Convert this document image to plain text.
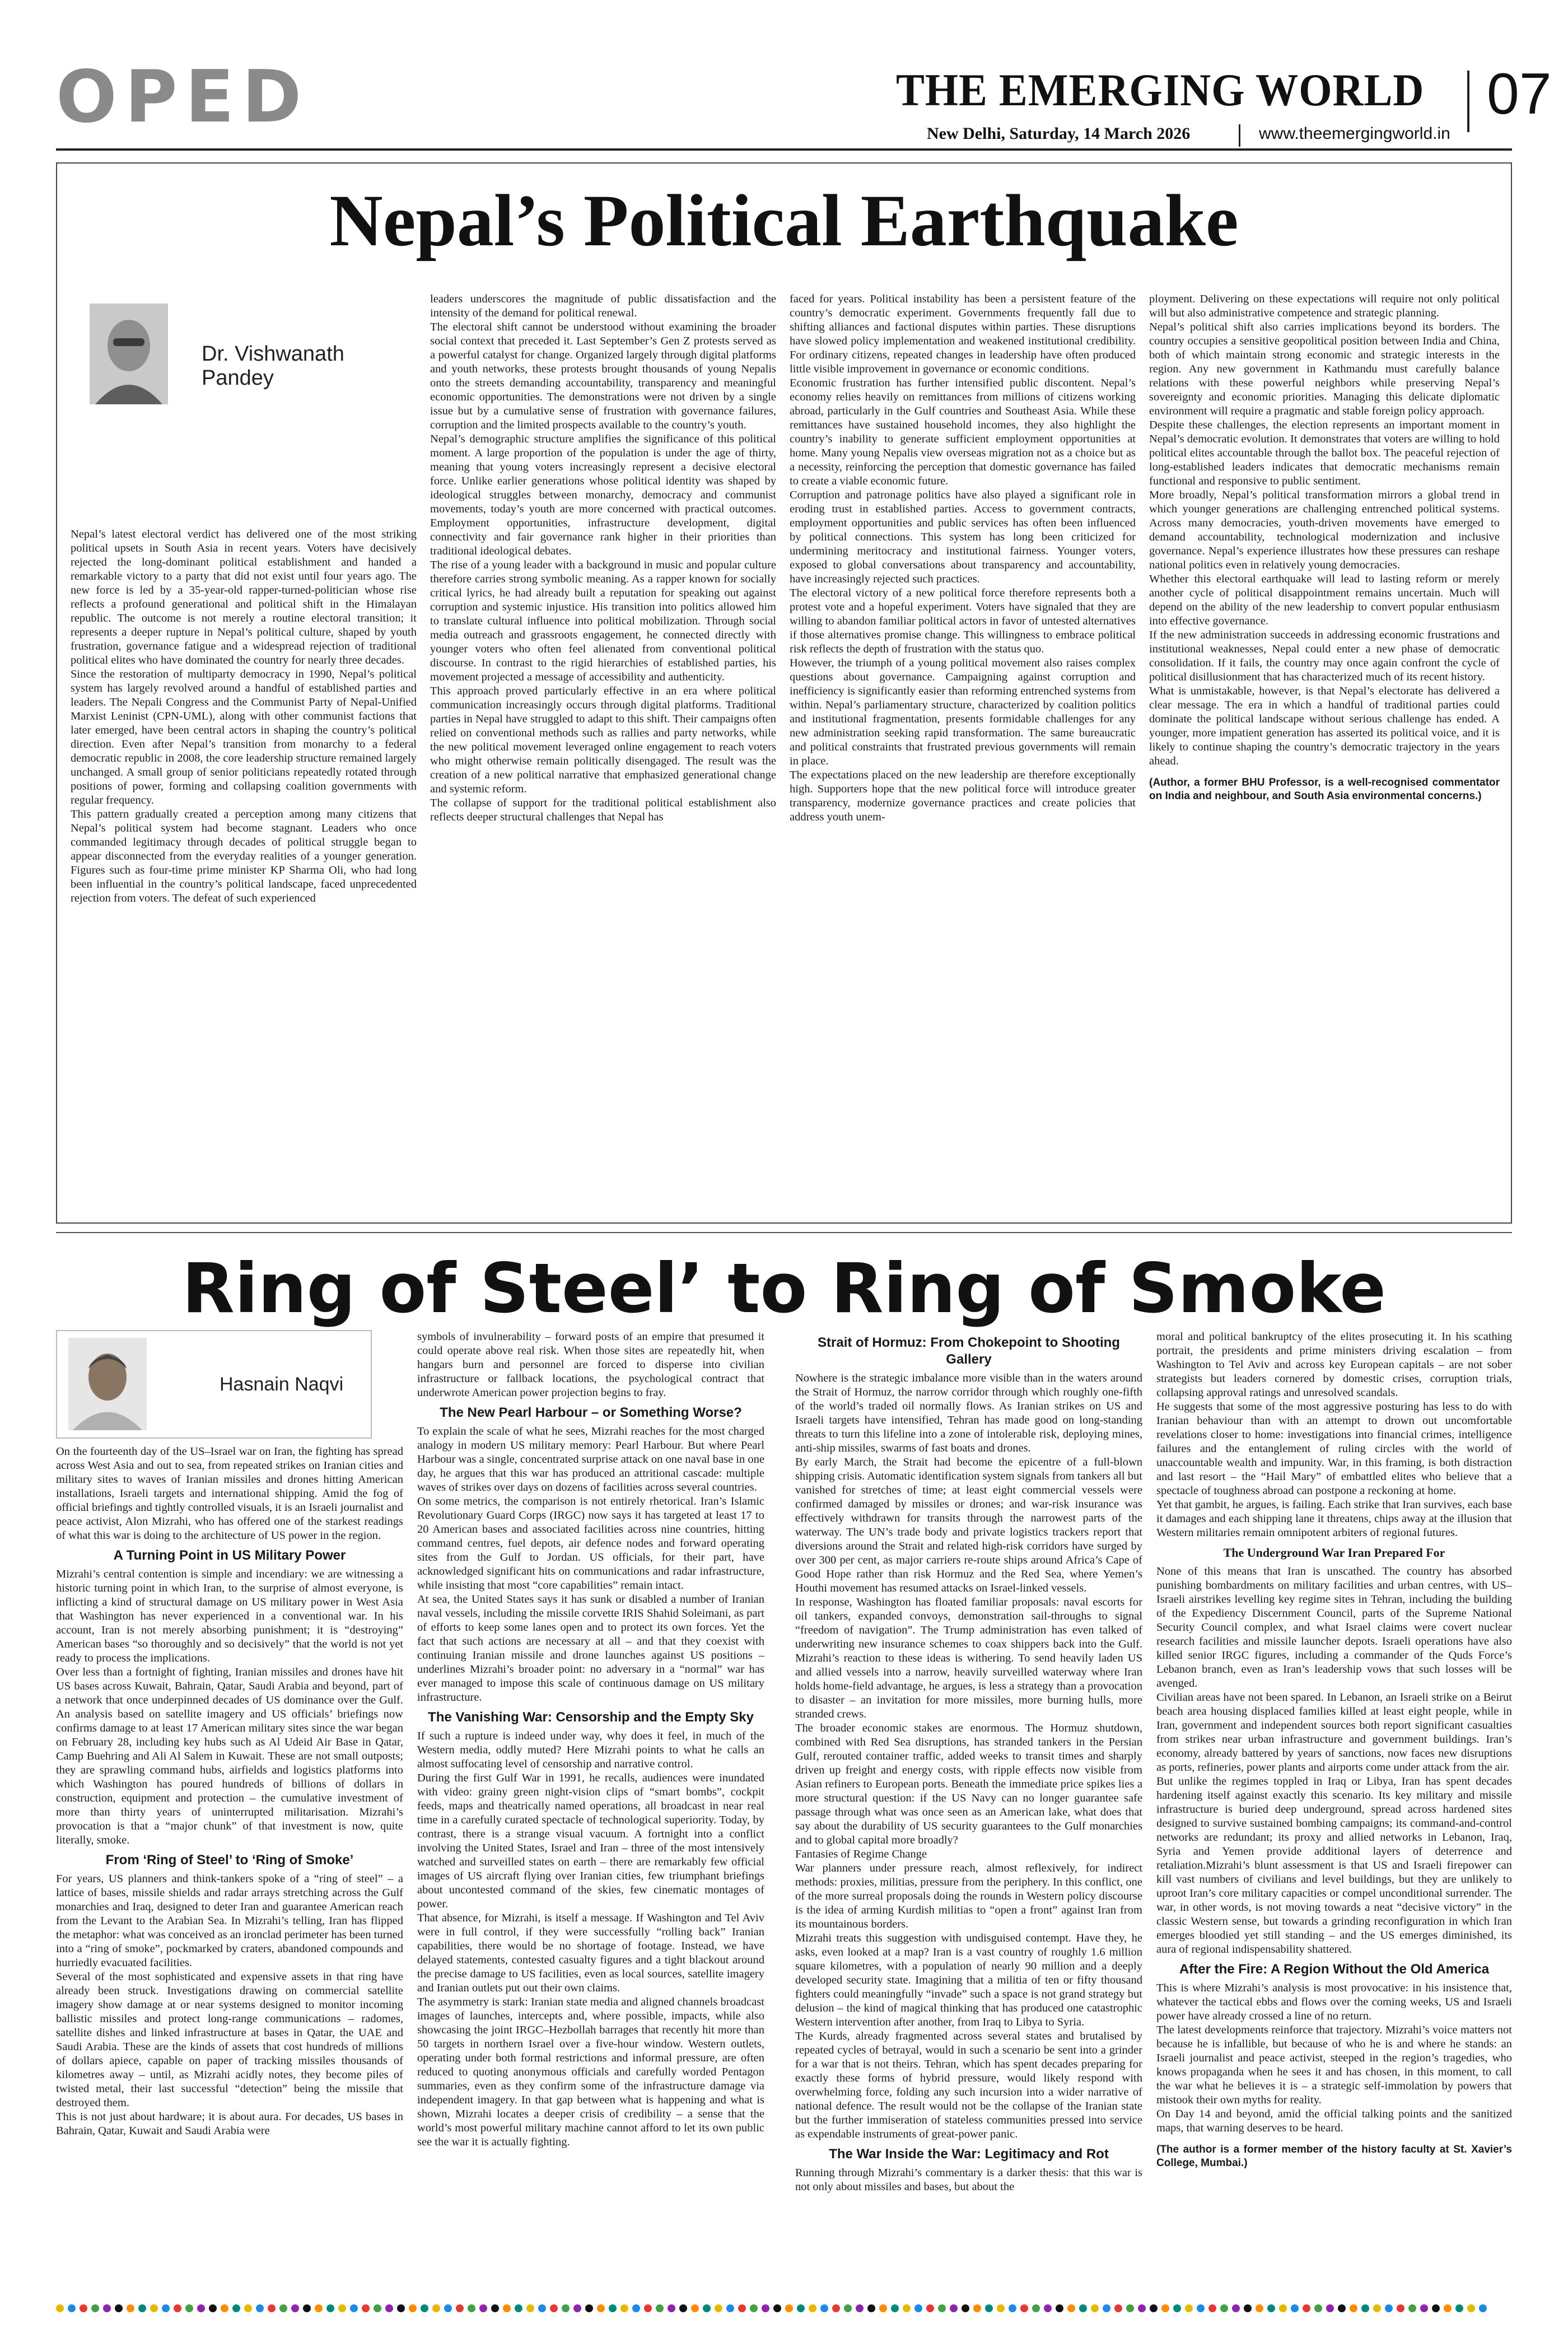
OPED	THE EMERGING WORLD 07
New Delhi, Saturday, 14 March 2026	www.theemergingworld.in
Nepal’s Political Earthquake
Dr. Vishwanath Pandey

Nepal’s latest electoral verdict has delivered one of the most striking political upsets in South Asia in recent years. Voters have decisively rejected the long-dominant political establishment and handed a remarkable victory to a party that did not exist until four years ago. The new force is led by a 35-year-old rapper-turned-politician whose rise reflects a profound generational and political shift in the Himalayan republic. The outcome is not merely a routine electoral transition; it represents a deeper rupture in Nepal’s political culture, shaped by youth frustration, governance fatigue and a widespread rejection of traditional political elites who have dominated the country for nearly three decades.

Since the restoration of multiparty democracy in 1990, Nepal’s political system has largely revolved around a handful of established parties and leaders. The Nepali Congress and the Communist Party of Nepal-Unified Marxist Leninist (CPN-UML), along with other communist factions that later emerged, have been central actors in shaping the country’s political direction. Even after Nepal’s transition from monarchy to a federal democratic republic in 2008, the core leadership structure remained largely unchanged. A small group of senior politicians repeatedly rotated through positions of power, forming and collapsing coalition governments with regular frequency.

This pattern gradually created a perception among many citizens that Nepal’s political system had become stagnant. Leaders who once commanded legitimacy through decades of political struggle began to appear disconnected from the everyday realities of a younger generation. Figures such as four-time prime minister KP Sharma Oli, who had long been influential in the country’s political landscape, faced unprecedented rejection from voters. The defeat of such experienced

leaders underscores the magnitude of public dissatisfaction and the intensity of the demand for political renewal.

The electoral shift cannot be understood without examining the broader social context that preceded it. Last September’s Gen Z protests served as a powerful catalyst for change. Organized largely through digital platforms and youth networks, these protests brought thousands of young Nepalis onto the streets demanding accountability, transparency and meaningful economic opportunities. The demonstrations were not driven by a single issue but by a cumulative sense of frustration with governance failures, corruption and the limited prospects available to the country’s youth.

Nepal’s demographic structure amplifies the significance of this political moment. A large proportion of the population is under the age of thirty, meaning that young voters increasingly represent a decisive electoral force. Unlike earlier generations whose political identity was shaped by ideological struggles between monarchy, democracy and communist movements, today’s youth are more concerned with practical outcomes. Employment opportunities, infrastructure development, digital connectivity and fair governance rank higher in their priorities than traditional ideological debates.

The rise of a young leader with a background in music and popular culture therefore carries strong symbolic meaning. As a rapper known for socially critical lyrics, he had already built a reputation for speaking out against corruption and systemic injustice. His transition into politics allowed him to translate cultural influence into political mobilization. Through social media outreach and grassroots engagement, he connected directly with younger voters who often feel alienated from conventional political discourse. In contrast to the rigid hierarchies of established parties, his movement projected a message of accessibility and authenticity.

This approach proved particularly effective in an era where political communication increasingly occurs through digital platforms. Traditional parties in Nepal have struggled to adapt to this shift. Their campaigns often relied on conventional methods such as rallies and party networks, while the new political movement leveraged online engagement to reach voters who might otherwise remain politically disengaged. The result was the creation of a new political narrative that emphasized generational change and systemic reform.

The collapse of support for the traditional political establishment also reflects deeper structural challenges that Nepal has

faced for years. Political instability has been a persistent feature of the country’s democratic experiment. Governments frequently fall due to shifting alliances and factional disputes within parties. These disruptions have slowed policy implementation and weakened institutional credibility. For ordinary citizens, repeated changes in leadership have often produced little visible improvement in governance or economic conditions.

Economic frustration has further intensified public discontent. Nepal’s economy relies heavily on remittances from millions of citizens working abroad, particularly in the Gulf countries and Southeast Asia. While these remittances have sustained household incomes, they also highlight the country’s inability to generate sufficient employment opportunities at home. Many young Nepalis view overseas migration not as a choice but as a necessity, reinforcing the perception that domestic governance has failed to create a viable economic future.

Corruption and patronage politics have also played a significant role in eroding trust in established parties. Access to government contracts, employment opportunities and public services has often been influenced by political connections. This system has long been criticized for undermining meritocracy and institutional fairness. Younger voters, exposed to global conversations about transparency and accountability, have increasingly rejected such practices.

The electoral victory of a new political force therefore represents both a protest vote and a hopeful experiment. Voters have signaled that they are willing to abandon familiar political actors in favor of untested alternatives if those alternatives promise change. This willingness to embrace political risk reflects the depth of frustration with the status quo.

However, the triumph of a young political movement also raises complex questions about governance. Campaigning against corruption and inefficiency is significantly easier than reforming entrenched systems from within. Nepal’s parliamentary structure, characterized by coalition politics and institutional fragmentation, presents formidable challenges for any new administration seeking rapid transformation. The same bureaucratic and political constraints that frustrated previous governments will remain in place.

The expectations placed on the new leadership are therefore exceptionally high. Supporters hope that the new political force will introduce greater transparency, modernize governance practices and create policies that address youth unem-

ployment. Delivering on these expectations will require not only political will but also administrative competence and strategic planning.

Nepal’s political shift also carries implications beyond its borders. The country occupies a sensitive geopolitical position between India and China, both of which maintain strong economic and strategic interests in the region. Any new government in Kathmandu must carefully balance relations with these powerful neighbors while preserving Nepal’s sovereignty and economic priorities. Managing this delicate diplomatic environment will require a pragmatic and stable foreign policy approach.

Despite these challenges, the election represents an important moment in Nepal’s democratic evolution. It demonstrates that voters are willing to hold political elites accountable through the ballot box. The peaceful rejection of long-established leaders indicates that democratic mechanisms remain functional and responsive to public sentiment.

More broadly, Nepal’s political transformation mirrors a global trend in which younger generations are challenging entrenched political systems. Across many democracies, youth-driven movements have emerged to demand accountability, technological modernization and inclusive governance. Nepal’s experience illustrates how these pressures can reshape national politics even in relatively young democracies.

Whether this electoral earthquake will lead to lasting reform or merely another cycle of political disappointment remains uncertain. Much will depend on the ability of the new leadership to convert popular enthusiasm into effective governance.

If the new administration succeeds in addressing economic frustrations and institutional weaknesses, Nepal could enter a new phase of democratic consolidation. If it fails, the country may once again confront the cycle of political disillusionment that has characterized much of its recent history.

What is unmistakable, however, is that Nepal’s electorate has delivered a clear message. The era in which a handful of traditional parties could dominate the political landscape without serious challenge has ended. A younger, more impatient generation has asserted its political voice, and it is likely to continue shaping the country’s democratic trajectory in the years ahead.

(Author, a former BHU Professor, is a well-recognised commentator on India and neighbour, and South Asia environmental concerns.)

Ring of Steel’ to Ring of Smoke
Hasnain Naqvi

On the fourteenth day of the US–Israel war on Iran, the fighting has spread across West Asia and out to sea, from repeated strikes on Iranian cities and military sites to waves of Iranian missiles and drones hitting American installations, Israeli targets and international shipping. Amid the fog of official briefings and tightly controlled visuals, it is an Israeli journalist and peace activist, Alon Mizrahi, who has offered one of the starkest readings of what this war is doing to the architecture of US power in the region.

A Turning Point in US Military Power

Mizrahi’s central contention is simple and incendiary: we are witnessing a historic turning point in which Iran, to the surprise of almost everyone, is inflicting a kind of structural damage on US military power in West Asia that Washington has never experienced in a conventional war. In his account, Iran is not merely absorbing punishment; it is “destroying” American bases “so thoroughly and so decisively” that the world is not yet ready to process the implications.

Over less than a fortnight of fighting, Iranian missiles and drones have hit US bases across Kuwait, Bahrain, Qatar, Saudi Arabia and beyond, part of a network that once underpinned decades of US dominance over the Gulf. An analysis based on satellite imagery and US officials’ briefings now confirms damage to at least 17 American military sites since the war began on February 28, including key hubs such as Al Udeid Air Base in Qatar, Camp Buehring and Ali Al Salem in Kuwait. These are not small outposts; they are sprawling command hubs, airfields and logistics platforms into which Washington has poured hundreds of billions of dollars in construction, equipment and protection – the cumulative investment of more than thirty years of uninterrupted militarisation. Mizrahi’s provocation is that a “major chunk” of that investment is now, quite literally, smoke.

From ‘Ring of Steel’ to ‘Ring of Smoke’

For years, US planners and think-tankers spoke of a “ring of steel” – a lattice of bases, missile shields and radar arrays stretching across the Gulf monarchies and Iraq, designed to deter Iran and guarantee American reach from the Levant to the Arabian Sea. In Mizrahi’s telling, Iran has flipped the metaphor: what was conceived as an ironclad perimeter has been turned into a “ring of smoke”, pockmarked by craters, abandoned compounds and hurriedly evacuated facilities.

Several of the most sophisticated and expensive assets in that ring have already been struck. Investigations drawing on commercial satellite imagery show damage at or near systems designed to monitor incoming ballistic missiles and protect long-range communications – radomes, satellite dishes and linked infrastructure at bases in Qatar, the UAE and Saudi Arabia. These are the kinds of assets that cost hundreds of millions of dollars apiece, capable on paper of tracking missiles thousands of kilometres away – until, as Mizrahi acidly notes, they become piles of twisted metal, their last successful “detection” being the missile that destroyed them.

This is not just about hardware; it is about aura. For decades, US bases in Bahrain, Qatar, Kuwait and Saudi Arabia were

symbols of invulnerability – forward posts of an empire that presumed it could operate above real risk. When those sites are repeatedly hit, when hangars burn and personnel are forced to disperse into civilian infrastructure or fallback locations, the psychological contract that underwrote American power projection begins to fray.

The New Pearl Harbour – or Something Worse?

To explain the scale of what he sees, Mizrahi reaches for the most charged analogy in modern US military memory: Pearl Harbour. But where Pearl Harbour was a single, concentrated surprise attack on one naval base in one day, he argues that this war has produced an attritional cascade: multiple waves of strikes over days on dozens of facilities across several countries.

On some metrics, the comparison is not entirely rhetorical. Iran’s Islamic Revolutionary Guard Corps (IRGC) now says it has targeted at least 17 to 20 American bases and associated facilities across nine countries, hitting command centres, fuel depots, air defence nodes and forward operating sites from the Gulf to Jordan. US officials, for their part, have acknowledged significant hits on communications and radar infrastructure, while insisting that most “core capabilities” remain intact.

At sea, the United States says it has sunk or disabled a number of Iranian naval vessels, including the missile corvette IRIS Shahid Soleimani, as part of efforts to keep some lanes open and to protect its own forces. Yet the fact that such actions are necessary at all – and that they coexist with continuing Iranian missile and drone launches against US positions – underlines Mizrahi’s broader point: no adversary in a “normal” war has ever managed to impose this scale of continuous damage on US military infrastructure.

The Vanishing War: Censorship and the Empty Sky

If such a rupture is indeed under way, why does it feel, in much of the Western media, oddly muted? Here Mizrahi points to what he calls an almost suffocating level of censorship and narrative control.

During the first Gulf War in 1991, he recalls, audiences were inundated with video: grainy green night-vision clips of “smart bombs”, cockpit feeds, maps and theatrically named operations, all broadcast in near real time in a carefully curated spectacle of technological superiority. Today, by contrast, there is a strange visual vacuum. A fortnight into a conflict involving the United States, Israel and Iran – three of the most intensively watched and surveilled states on earth – there are remarkably few official images of US aircraft flying over Iranian cities, few triumphant briefings about uncontested command of the skies, few cinematic montages of power.

That absence, for Mizrahi, is itself a message. If Washington and Tel Aviv were in full control, if they were successfully “rolling back” Iranian capabilities, there would be no shortage of footage. Instead, we have delayed statements, contested casualty figures and a tight blackout around the precise damage to US facilities, even as local sources, satellite imagery and Iranian outlets put out their own claims.

The asymmetry is stark: Iranian state media and aligned channels broadcast images of launches, intercepts and, where possible, impacts, while also showcasing the joint IRGC–Hezbollah barrages that recently hit more than 50 targets in northern Israel over a five-hour window. Western outlets, operating under both formal restrictions and informal pressure, are often reduced to quoting anonymous officials and carefully worded Pentagon summaries, even as they confirm some of the infrastructure damage via independent imagery. In that gap between what is happening and what is shown, Mizrahi locates a deeper crisis of credibility – a sense that the world’s most powerful military machine cannot afford to let its own public see the war it is actually fighting.

Strait of Hormuz: From Chokepoint to Shooting Gallery

Nowhere is the strategic imbalance more visible than in the waters around the Strait of Hormuz, the narrow corridor through which roughly one-fifth of the world’s traded oil normally flows. As Iranian strikes on US and Israeli targets have intensified, Tehran has made good on long-standing threats to turn this lifeline into a zone of intolerable risk, deploying mines, anti-ship missiles, swarms of fast boats and drones.

By early March, the Strait had become the epicentre of a full-blown shipping crisis. Automatic identification system signals from tankers all but vanished for stretches of time; at least eight commercial vessels were confirmed damaged by missiles or drones; and war-risk insurance was effectively withdrawn for transits through the narrowest parts of the waterway. The UN’s trade body and private logistics trackers report that diversions around the Strait and related high-risk corridors have surged by over 300 per cent, as major carriers re-route ships around Africa’s Cape of Good Hope rather than risk Hormuz and the Red Sea, where Yemen’s Houthi movement has resumed attacks on Israel-linked vessels.

In response, Washington has floated familiar proposals: naval escorts for oil tankers, expanded convoys, demonstration sail-throughs to signal “freedom of navigation”. The Trump administration has even talked of underwriting new insurance schemes to coax shippers back into the Gulf. Mizrahi’s reaction to these ideas is withering. To send heavily laden US and allied vessels into a narrow, heavily surveilled waterway where Iran holds home-field advantage, he argues, is less a strategy than a provocation to disaster – an invitation for more missiles, more burning hulls, more stranded crews.

The broader economic stakes are enormous. The Hormuz shutdown, combined with Red Sea disruptions, has stranded tankers in the Persian Gulf, rerouted container traffic, added weeks to transit times and sharply driven up freight and energy costs, with ripple effects now visible from Asian refiners to European ports. Beneath the immediate price spikes lies a more structural question: if the US Navy can no longer guarantee safe passage through what was once seen as an American lake, what does that say about the durability of US security guarantees to the Gulf monarchies and to global capital more broadly?

Fantasies of Regime Change

War planners under pressure reach, almost reflexively, for indirect methods: proxies, militias, pressure from the periphery. In this conflict, one of the more surreal proposals doing the rounds in Western policy discourse is the idea of arming Kurdish militias to “open a front” against Iran from its mountainous borders.

Mizrahi treats this suggestion with undisguised contempt. Have they, he asks, even looked at a map? Iran is a vast country of roughly 1.6 million square kilometres, with a population of nearly 90 million and a deeply developed security state. Imagining that a militia of ten or fifty thousand fighters could meaningfully “invade” such a space is not grand strategy but delusion – the kind of magical thinking that has produced one catastrophic Western intervention after another, from Iraq to Libya to Syria.

The Kurds, already fragmented across several states and brutalised by repeated cycles of betrayal, would in such a scenario be sent into a grinder for a war that is not theirs. Tehran, which has spent decades preparing for exactly these forms of hybrid pressure, would likely respond with overwhelming force, folding any such incursion into a wider narrative of national defence. The result would not be the collapse of the Iranian state but the further immiseration of stateless communities pressed into service as expendable instruments of great-power panic.

The War Inside the War: Legitimacy and Rot

Running through Mizrahi’s commentary is a darker thesis: that this war is not only about missiles and bases, but about the

moral and political bankruptcy of the elites prosecuting it. In his scathing portrait, the presidents and prime ministers driving escalation – from Washington to Tel Aviv and across key European capitals – are not sober strategists but leaders cornered by domestic crises, corruption trials, collapsing approval ratings and unresolved scandals.

He suggests that some of the most aggressive posturing has less to do with Iranian behaviour than with an attempt to drown out uncomfortable revelations closer to home: investigations into financial crimes, intelligence failures and the entanglement of ruling circles with the world of unaccountable wealth and impunity. War, in this framing, is both distraction and last resort – the “Hail Mary” of embattled elites who believe that a spectacle of toughness abroad can postpone a reckoning at home.

Yet that gambit, he argues, is failing. Each strike that Iran survives, each base it damages and each shipping lane it threatens, chips away at the illusion that Western militaries remain omnipotent arbiters of regional futures.

The Underground War Iran Prepared For

None of this means that Iran is unscathed. The country has absorbed punishing bombardments on military facilities and urban centres, with US–Israeli airstrikes levelling key regime sites in Tehran, including the building of the Expediency Discernment Council, parts of the Supreme National Security Council complex, and what Israel claims were covert nuclear research facilities and missile launcher depots. Israeli operations have also killed senior IRGC figures, including a commander of the Quds Force’s Lebanon branch, even as Iran’s leadership vows that such losses will be avenged.

Civilian areas have not been spared. In Lebanon, an Israeli strike on a Beirut beach area housing displaced families killed at least eight people, while in Iran, government and independent sources both report significant casualties from strikes near urban infrastructure and government buildings. Iran’s economy, already battered by years of sanctions, now faces new disruptions as ports, refineries, power plants and airports come under attack from the air.

But unlike the regimes toppled in Iraq or Libya, Iran has spent decades hardening itself against exactly this scenario. Its key military and missile infrastructure is buried deep underground, spread across hardened sites designed to survive sustained bombing campaigns; its command-and-control networks are redundant; its proxy and allied networks in Lebanon, Iraq, Syria and Yemen provide additional layers of deterrence and retaliation.Mizrahi’s blunt assessment is that US and Israeli firepower can kill vast numbers of civilians and level buildings, but they are unlikely to uproot Iran’s core military capacities or compel unconditional surrender. The war, in other words, is not moving towards a neat “decisive victory” in the classic Western sense, but towards a grinding reconfiguration in which Iran emerges bloodied yet still standing – and the US emerges diminished, its aura of regional indispensability shattered.

After the Fire: A Region Without the Old America

This is where Mizrahi’s analysis is most provocative: in his insistence that, whatever the tactical ebbs and flows over the coming weeks, US and Israeli power have already crossed a line of no return.

The latest developments reinforce that trajectory. Mizrahi’s voice matters not because he is infallible, but because of who he is and where he stands: an Israeli journalist and peace activist, steeped in the region’s tragedies, who knows propaganda when he sees it and has chosen, in this moment, to call the war what he believes it is – a strategic self-immolation by powers that mistook their own myths for reality.

On Day 14 and beyond, amid the official talking points and the sanitized maps, that warning deserves to be heard.

(The author is a former member of the history faculty at St. Xavier’s College, Mumbai.)
